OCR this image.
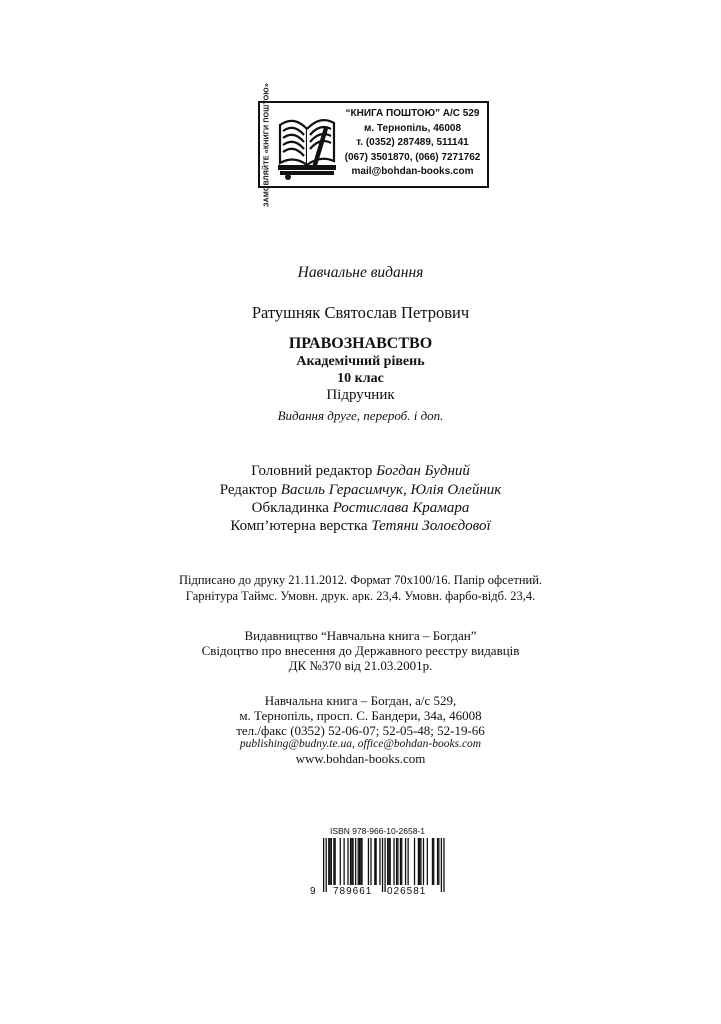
ЗАМОВЛЯЙТЕ «КНИГИ ПОШТОЮ»	“КНИГА ПОШТОЮ” А/С 529
м. Тернопіль, 46008
т. (0352) 287489, 511141
(067) 3501870, (066) 7271762
mail@bohdan-books.com
Навчальне видання
Ратушняк Святослав Петрович
ПРАВОЗНАВСТВО
Академічний рівень
10 клас
Підручник
Видання друге, перероб. і доп.
Головний редактор Богдан Будний
Редактор Василь Герасимчук, Юлія Олейник
Обкладинка Ростислава Крамара
Комп’ютерна верстка Тетяни Золоєдової
Підписано до друку 21.11.2012. Формат 70х100/16. Папір офсетний.
Гарнітура Таймс. Умовн. друк. арк. 23,4. Умовн. фарбо-відб. 23,4.
Видавництво “Навчальна книга – Богдан”
Свідоцтво про внесення до Державного реєстру видавців
ДК №370 від 21.03.2001р.
Навчальна книга – Богдан, а/с 529,
м. Тернопіль, просп. С. Бандери, 34а, 46008
тел./факс (0352) 52-06-07; 52-05-48; 52-19-66
publishing@budny.te.ua, office@bohdan-books.com
www.bohdan-books.com
ISBN 978-966-10-2658-1
9 789661 026581
